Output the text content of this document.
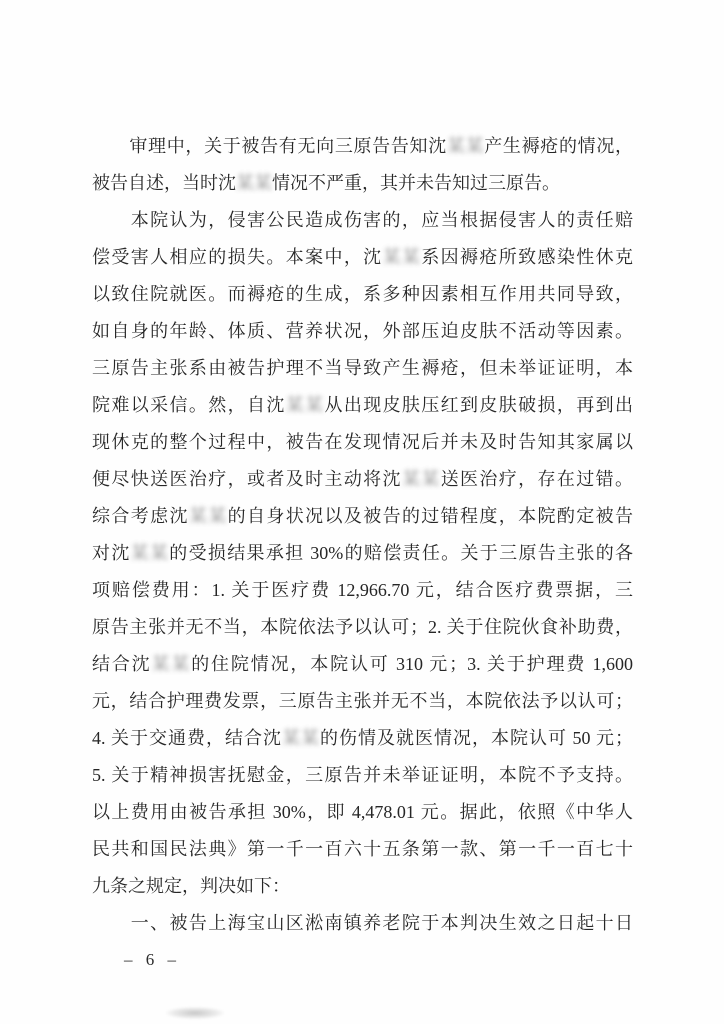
　　审理中，关于被告有无向三原告告知沈某某产生褥疮的情况，
被告自述，当时沈某某情况不严重，其并未告知过三原告。
　　本院认为，侵害公民造成伤害的，应当根据侵害人的责任赔
偿受害人相应的损失。本案中，沈某某系因褥疮所致感染性休克
以致住院就医。而褥疮的生成，系多种因素相互作用共同导致，
如自身的年龄、体质、营养状况，外部压迫皮肤不活动等因素。
三原告主张系由被告护理不当导致产生褥疮，但未举证证明，本
院难以采信。然，自沈某某从出现皮肤压红到皮肤破损，再到出
现休克的整个过程中，被告在发现情况后并未及时告知其家属以
便尽快送医治疗，或者及时主动将沈某某送医治疗，存在过错。
综合考虑沈某某的自身状况以及被告的过错程度，本院酌定被告
对沈某某的受损结果承担 30%的赔偿责任。关于三原告主张的各
项赔偿费用：1. 关于医疗费 12,966.70 元，结合医疗费票据，三
原告主张并无不当，本院依法予以认可；2. 关于住院伙食补助费，
结合沈某某的住院情况，本院认可 310 元；3. 关于护理费 1,600
元，结合护理费发票，三原告主张并无不当，本院依法予以认可；
4. 关于交通费，结合沈某某的伤情及就医情况，本院认可 50 元；
5. 关于精神损害抚慰金，三原告并未举证证明，本院不予支持。
以上费用由被告承担 30%，即 4,478.01 元。据此，依照《中华人
民共和国民法典》第一千一百六十五条第一款、第一千一百七十
九条之规定，判决如下：
　　一、被告上海宝山区淞南镇养老院于本判决生效之日起十日
– 6 –
